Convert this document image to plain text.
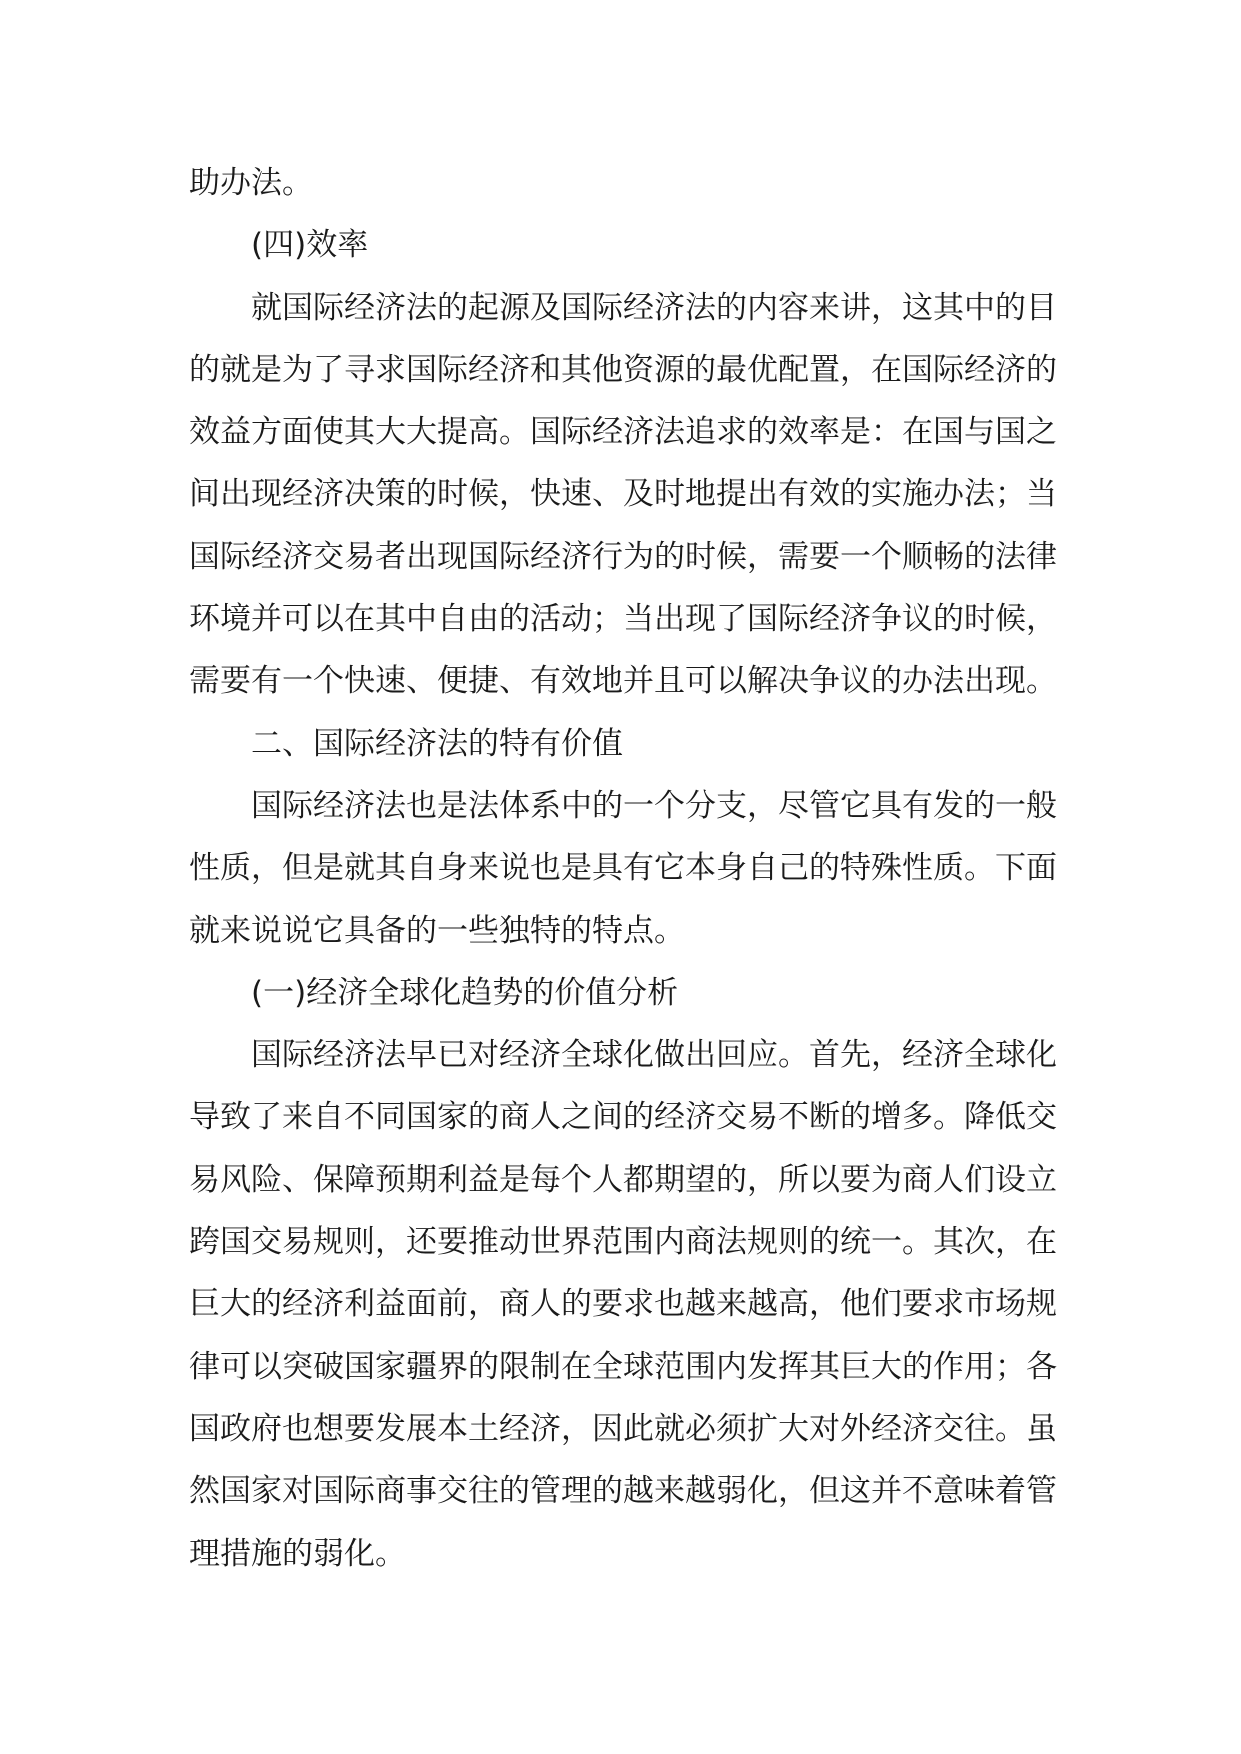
助办法。

(四)效率

就国际经济法的起源及国际经济法的内容来讲，这其中的目的就是为了寻求国际经济和其他资源的最优配置，在国际经济的效益方面使其大大提高。国际经济法追求的效率是：在国与国之间出现经济决策的时候，快速、及时地提出有效的实施办法；当国际经济交易者出现国际经济行为的时候，需要一个顺畅的法律环境并可以在其中自由的活动；当出现了国际经济争议的时候，需要有一个快速、便捷、有效地并且可以解决争议的办法出现。

二、国际经济法的特有价值

国际经济法也是法体系中的一个分支，尽管它具有发的一般性质，但是就其自身来说也是具有它本身自己的特殊性质。下面就来说说它具备的一些独特的特点。

(一)经济全球化趋势的价值分析

国际经济法早已对经济全球化做出回应。首先，经济全球化导致了来自不同国家的商人之间的经济交易不断的增多。降低交易风险、保障预期利益是每个人都期望的，所以要为商人们设立跨国交易规则，还要推动世界范围内商法规则的统一。其次，在巨大的经济利益面前，商人的要求也越来越高，他们要求市场规律可以突破国家疆界的限制在全球范围内发挥其巨大的作用；各国政府也想要发展本土经济，因此就必须扩大对外经济交往。虽然国家对国际商事交往的管理的越来越弱化，但这并不意味着管理措施的弱化。
